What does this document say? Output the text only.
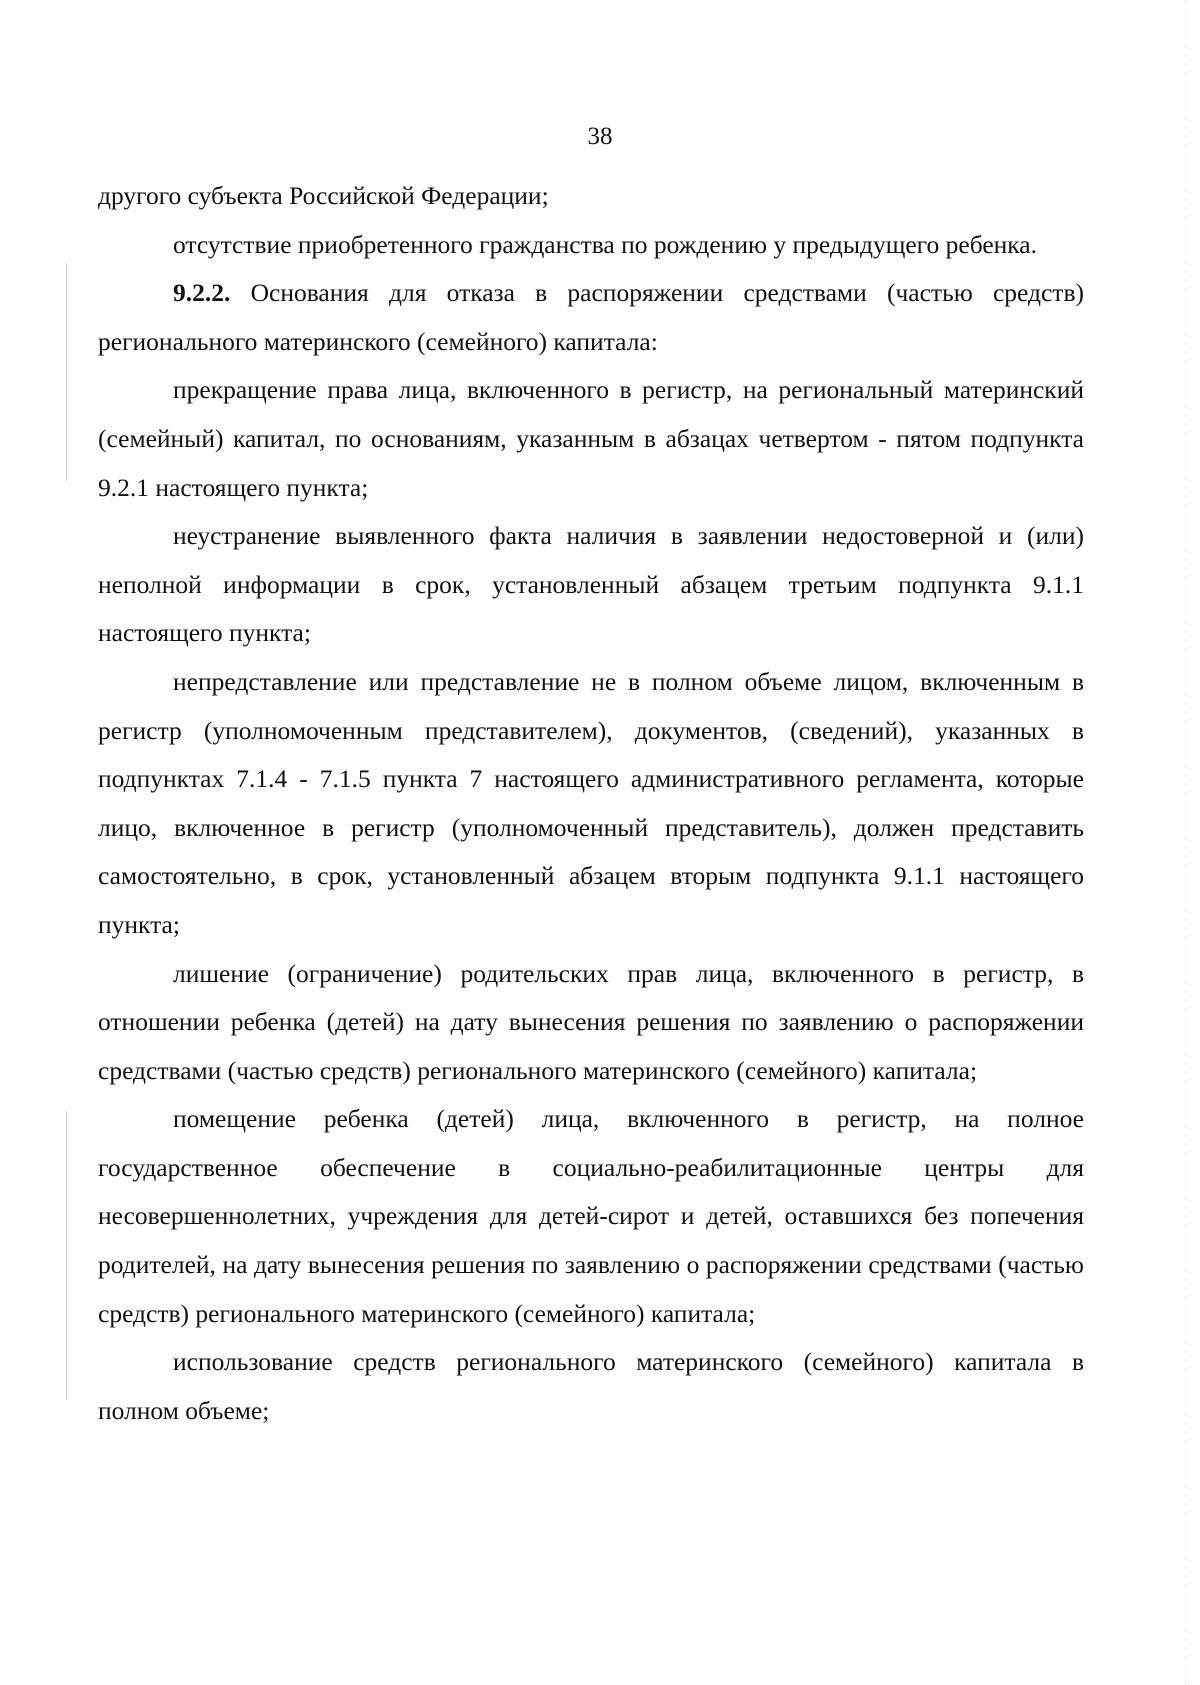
38

другого субъекта Российской Федерации;

отсутствие приобретенного гражданства по рождению у предыдущего ребенка.

9.2.2. Основания для отказа в распоряжении средствами (частью средств) регионального материнского (семейного) капитала:

прекращение права лица, включенного в регистр, на региональный материнский (семейный) капитал, по основаниям, указанным в абзацах четвертом - пятом подпункта 9.2.1 настоящего пункта;

неустранение выявленного факта наличия в заявлении недостоверной и (или) неполной информации в срок, установленный абзацем третьим подпункта 9.1.1 настоящего пункта;

непредставление или представление не в полном объеме лицом, включенным в регистр (уполномоченным представителем), документов, (сведений), указанных в подпунктах 7.1.4 - 7.1.5 пункта 7 настоящего административного регламента, которые лицо, включенное в регистр (уполномоченный представитель), должен представить самостоятельно, в срок, установленный абзацем вторым подпункта 9.1.1 настоящего пункта;

лишение (ограничение) родительских прав лица, включенного в регистр, в отношении ребенка (детей) на дату вынесения решения по заявлению о распоряжении средствами (частью средств) регионального материнского (семейного) капитала;

помещение ребенка (детей) лица, включенного в регистр, на полное государственное обеспечение в социально-реабилитационные центры для несовершеннолетних, учреждения для детей-сирот и детей, оставшихся без попечения родителей, на дату вынесения решения по заявлению о распоряжении средствами (частью средств) регионального материнского (семейного) капитала;

использование средств регионального материнского (семейного) капитала в полном объеме;
